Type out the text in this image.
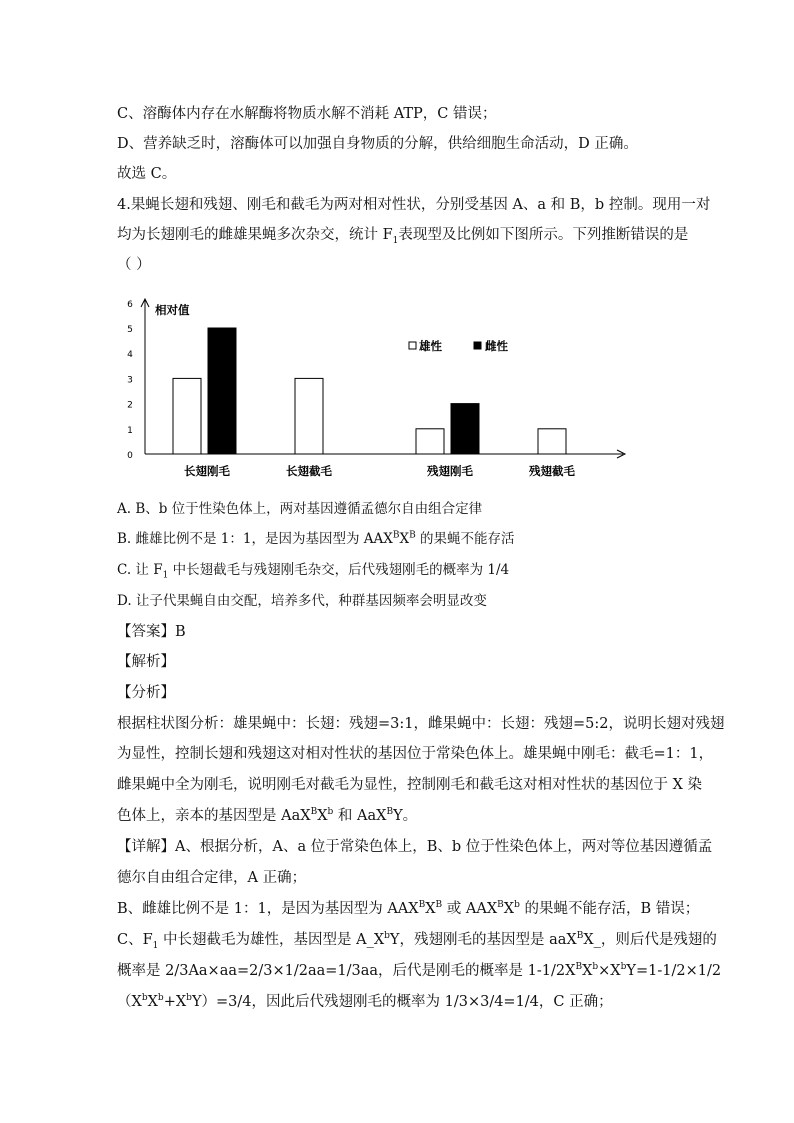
C、溶酶体内存在水解酶将物质水解不消耗 ATP，C 错误；
D、营养缺乏时，溶酶体可以加强自身物质的分解，供给细胞生命活动，D 正确。
故选 C。
4.果蝇长翅和残翅、刚毛和截毛为两对相对性状，分别受基因 A、a 和 B，b 控制。现用一对
均为长翅刚毛的雌雄果蝇多次杂交，统计 $F_1$表现型及比例如下图所示。下列推断错误的是
（ ）
0
1
2
3
4
5
6 相对值
长翅刚毛	长翅截毛	残翅刚毛	残翅截毛
雄性	雌性
A. B、b 位于性染色体上，两对基因遵循孟德尔自由组合定律
B. 雌雄比例不是 1：1，是因为基因型为 $AAX^BX^B$ 的果蝇不能存活
C. 让 $F_1$ 中长翅截毛与残翅刚毛杂交，后代残翅刚毛的概率为 1/4
D. 让子代果蝇自由交配，培养多代，种群基因频率会明显改变
【答案】B
【解析】
【分析】
根据柱状图分析：雄果蝇中：长翅：残翅=3:1，雌果蝇中：长翅：残翅=5:2，说明长翅对残翅
为显性，控制长翅和残翅这对相对性状的基因位于常染色体上。雄果蝇中刚毛：截毛=1：1，
雌果蝇中全为刚毛，说明刚毛对截毛为显性，控制刚毛和截毛这对相对性状的基因位于 X 染
色体上，亲本的基因型是 $AaX^BX^b$ 和 AaX$^B$Y。
【详解】A、根据分析，A、a 位于常染色体上，B、b 位于性染色体上，两对等位基因遵循孟
德尔自由组合定律，A 正确；
B、雌雄比例不是 1：1，是因为基因型为 $AAX^BX^B$ 或 $AAX^BX^b$ 的果蝇不能存活，B 错误；
C、$F_1$ 中长翅截毛为雄性，基因型是 $A\_X^bY$，残翅刚毛的基因型是 aaX$^B$X_，则后代是残翅的
概率是 2/3Aa×aa=2/3×1/2aa=1/3aa，后代是刚毛的概率是 $1-1/2X^BX^b\times X^bY=1-1/2\times 1/2$
$(X^bX^b+X^bY)=3/4$，因此后代残翅刚毛的概率为 1/3×3/4=1/4，C 正确；
